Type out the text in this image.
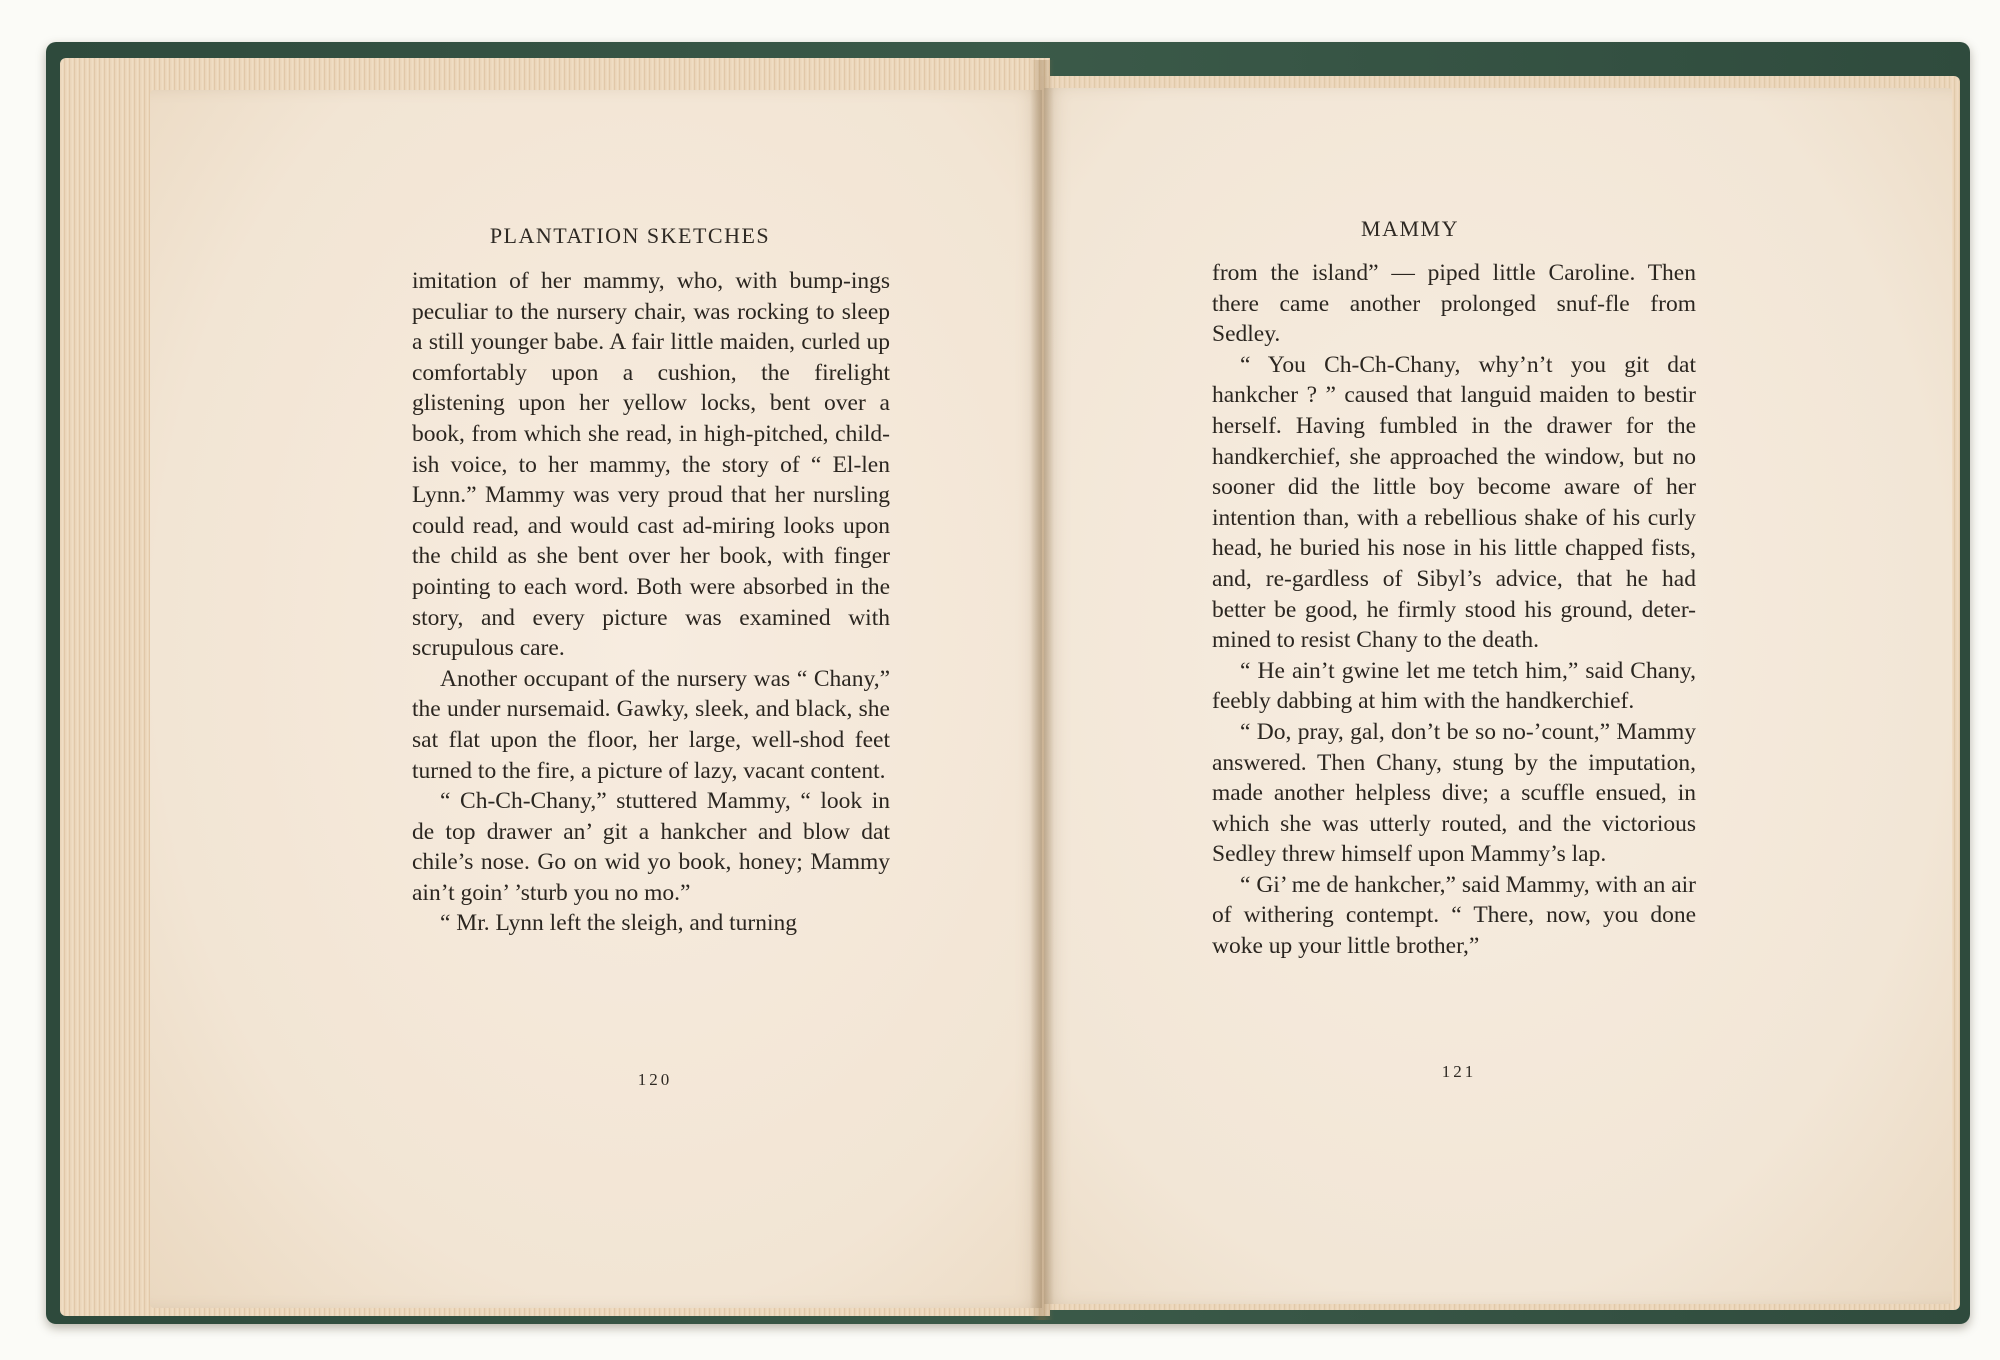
PLANTATION SKETCHES

imitation of her mammy, who, with bump-ings peculiar to the nursery chair, was rocking to sleep a still younger babe. A fair little maiden, curled up comfortably upon a cushion, the firelight glistening upon her yellow locks, bent over a book, from which she read, in high-pitched, child-ish voice, to her mammy, the story of “ El-len Lynn.” Mammy was very proud that her nursling could read, and would cast ad-miring looks upon the child as she bent over her book, with finger pointing to each word. Both were absorbed in the story, and every picture was examined with scrupulous care.

Another occupant of the nursery was “ Chany,” the under nursemaid. Gawky, sleek, and black, she sat flat upon the floor, her large, well-shod feet turned to the fire, a picture of lazy, vacant content.

“ Ch-Ch-Chany,” stuttered Mammy, “ look in de top drawer an’ git a hankcher and blow dat chile’s nose. Go on wid yo book, honey; Mammy ain’t goin’ ’sturb you no mo.”

“ Mr. Lynn left the sleigh, and turning

120
MAMMY

from the island” — piped little Caroline. Then there came another prolonged snuf-fle from Sedley.

“ You Ch-Ch-Chany, why’n’t you git dat hankcher ? ” caused that languid maiden to bestir herself. Having fumbled in the drawer for the handkerchief, she approached the window, but no sooner did the little boy become aware of her intention than, with a rebellious shake of his curly head, he buried his nose in his little chapped fists, and, re-gardless of Sibyl’s advice, that he had better be good, he firmly stood his ground, deter-mined to resist Chany to the death.

“ He ain’t gwine let me tetch him,” said Chany, feebly dabbing at him with the handkerchief.

“ Do, pray, gal, don’t be so no-’count,” Mammy answered. Then Chany, stung by the imputation, made another helpless dive; a scuffle ensued, in which she was utterly routed, and the victorious Sedley threw himself upon Mammy’s lap.

“ Gi’ me de hankcher,” said Mammy, with an air of withering contempt. “ There, now, you done woke up your little brother,”

121
